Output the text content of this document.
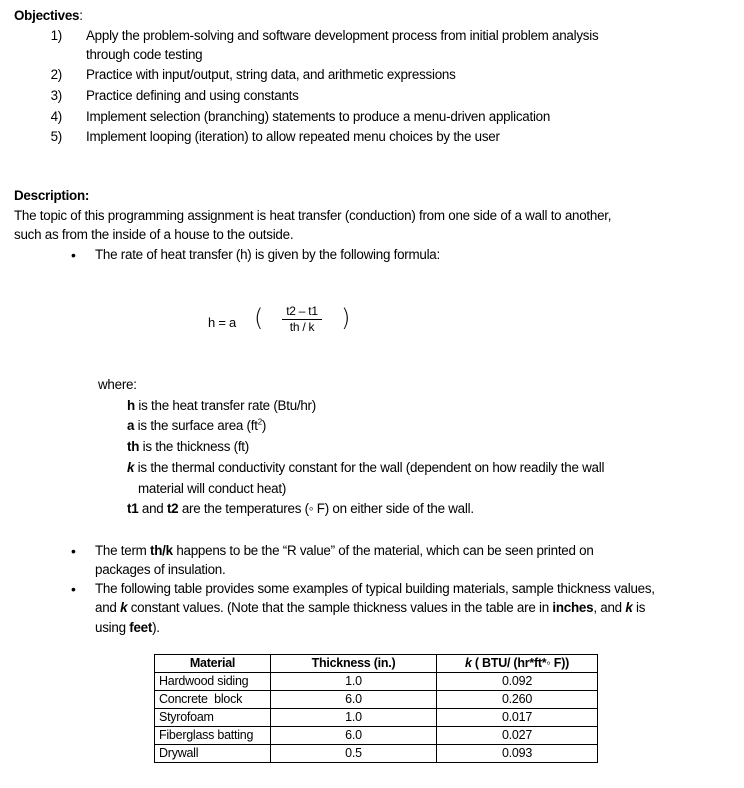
Objectives:
1) Apply the problem-solving and software development process from initial problem analysis
through code testing
2) Practice with input/output, string data, and arithmetic expressions
3) Practice defining and using constants
4) Implement selection (branching) statements to produce a menu-driven application
5) Implement looping (iteration) to allow repeated menu choices by the user
Description:
The topic of this programming assignment is heat transfer (conduction) from one side of a wall to another,
such as from the inside of a house to the outside.
• The rate of heat transfer (h) is given by the following formula:
h = a ( $\frac{t2 - t1}{th / k}$ )
where:
h is the heat transfer rate (Btu/hr)
a is the surface area $(ft^2)$
th is the thickness (ft)
k is the thermal conductivity constant for the wall (dependent on how readily the wall
material will conduct heat)
t1 and t2 are the temperatures (◦ F) on either side of the wall.
• The term th/k happens to be the “R value” of the material, which can be seen printed on
packages of insulation.
• The following table provides some examples of typical building materials, sample thickness values,
and k constant values. (Note that the sample thickness values in the table are in inches, and k is
using feet).
Material	Thickness (in.)	k ( BTU/ (hr*ft*◦ F))
Hardwood siding	1.0	0.092
Concrete  block	6.0	0.260
Styrofoam	1.0	0.017
Fiberglass batting	6.0	0.027
Drywall	0.5	0.093
